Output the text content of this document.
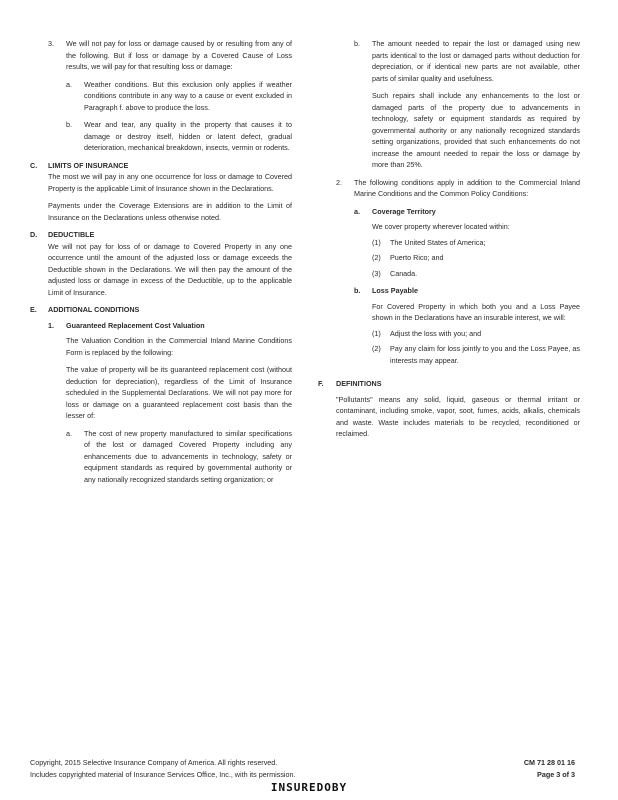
3. We will not pay for loss or damage caused by or resulting from any of the following. But if loss or damage by a Covered Cause of Loss results, we will pay for that resulting loss or damage:

a. Weather conditions. But this exclusion only applies if weather conditions contribute in any way to a cause or event excluded in Paragraph f. above to produce the loss.

b. Wear and tear, any quality in the property that causes it to damage or destroy itself, hidden or latent defect, gradual deterioration, mechanical breakdown, insects, vermin or rodents.

C. LIMITS OF INSURANCE

The most we will pay in any one occurrence for loss or damage to Covered Property is the applicable Limit of Insurance shown in the Declarations.

Payments under the Coverage Extensions are in addition to the Limit of Insurance on the Declarations unless otherwise noted.

D. DEDUCTIBLE

We will not pay for loss of or damage to Covered Property in any one occurrence until the amount of the adjusted loss or damage exceeds the Deductible shown in the Declarations. We will then pay the amount of the adjusted loss or damage in excess of the Deductible, up to the applicable Limit of Insurance.

E. ADDITIONAL CONDITIONS
1. Guaranteed Replacement Cost Valuation

The Valuation Condition in the Commercial Inland Marine Conditions Form is replaced by the following:

The value of property will be its guaranteed replacement cost (without deduction for depreciation), regardless of the Limit of Insurance scheduled in the Supplemental Declarations. We will not pay more for loss or damage on a guaranteed replacement cost basis than the lesser of:

a. The cost of new property manufactured to similar specifications of the lost or damaged Covered Property including any enhancements due to advancements in technology, safety or equipment standards as required by governmental authority or any nationally recognized standards setting organization; or

b. The amount needed to repair the lost or damaged using new parts identical to the lost or damaged parts without deduction for depreciation, or if identical new parts are not available, other parts of similar quality and usefulness.

Such repairs shall include any enhancements to the lost or damaged parts of the property due to advancements in technology, safety or equipment standards as required by governmental authority or any nationally recognized standards setting organizations, provided that such enhancements do not increase the amount needed to repair the loss or damage by more than 25%.

2. The following conditions apply in addition to the Commercial Inland Marine Conditions and the Common Policy Conditions:

a. Coverage Territory

We cover property wherever located within:

(1) The United States of America;

(2) Puerto Rico; and

(3) Canada.

b. Loss Payable

For Covered Property in which both you and a Loss Payee shown in the Declarations have an insurable interest, we will:

(1) Adjust the loss with you; and

(2) Pay any claim for loss jointly to you and the Loss Payee, as interests may appear.

F. DEFINITIONS

"Pollutants" means any solid, liquid, gaseous or thermal irritant or contaminant, including smoke, vapor, soot, fumes, acids, alkalis, chemicals and waste. Waste includes materials to be recycled, reconditioned or reclaimed.

Copyright, 2015 Selective Insurance Company of America. All rights reserved.
Includes copyrighted material of Insurance Services Office, Inc., with its permission.
CM 71 28 01 16
Page 3 of 3
INSUREDOBY
